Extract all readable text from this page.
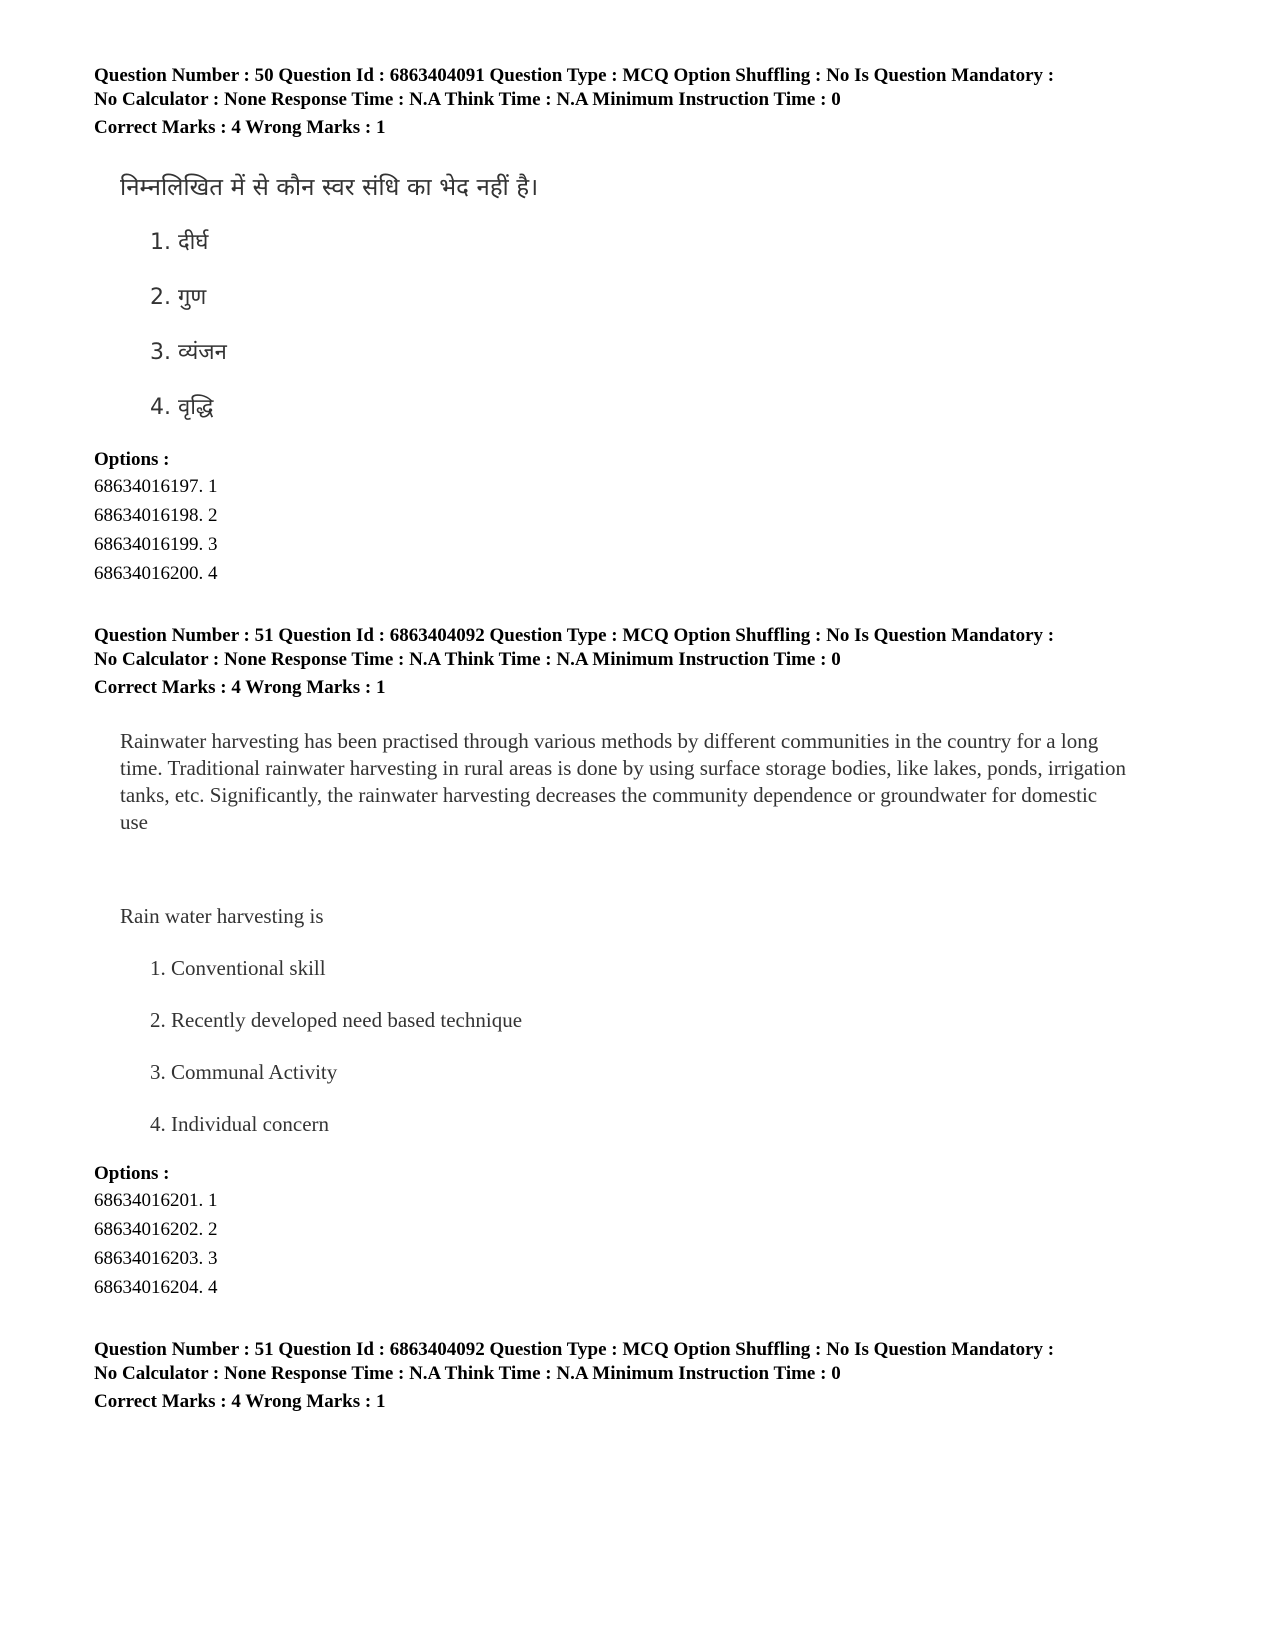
Question Number : 50 Question Id : 6863404091 Question Type : MCQ Option Shuffling : No Is Question Mandatory :
No Calculator : None Response Time : N.A Think Time : N.A Minimum Instruction Time : 0
Correct Marks : 4 Wrong Marks : 1
निम्नलिखित में से कौन स्वर संधि का भेद नहीं है।
1. दीर्घ
2. गुण
3. व्यंजन
4. वृद्धि
Options :
68634016197. 1
68634016198. 2
68634016199. 3
68634016200. 4
Question Number : 51 Question Id : 6863404092 Question Type : MCQ Option Shuffling : No Is Question Mandatory :
No Calculator : None Response Time : N.A Think Time : N.A Minimum Instruction Time : 0
Correct Marks : 4 Wrong Marks : 1
Rainwater harvesting has been practised through various methods by different communities in the country for a long time. Traditional rainwater harvesting in rural areas is done by using surface storage bodies, like lakes, ponds, irrigation tanks, etc. Significantly, the rainwater harvesting decreases the community dependence or groundwater for domestic use
Rain water harvesting is
1. Conventional skill
2. Recently developed need based technique
3. Communal Activity
4. Individual concern
Options :
68634016201. 1
68634016202. 2
68634016203. 3
68634016204. 4
Question Number : 51 Question Id : 6863404092 Question Type : MCQ Option Shuffling : No Is Question Mandatory :
No Calculator : None Response Time : N.A Think Time : N.A Minimum Instruction Time : 0
Correct Marks : 4 Wrong Marks : 1
